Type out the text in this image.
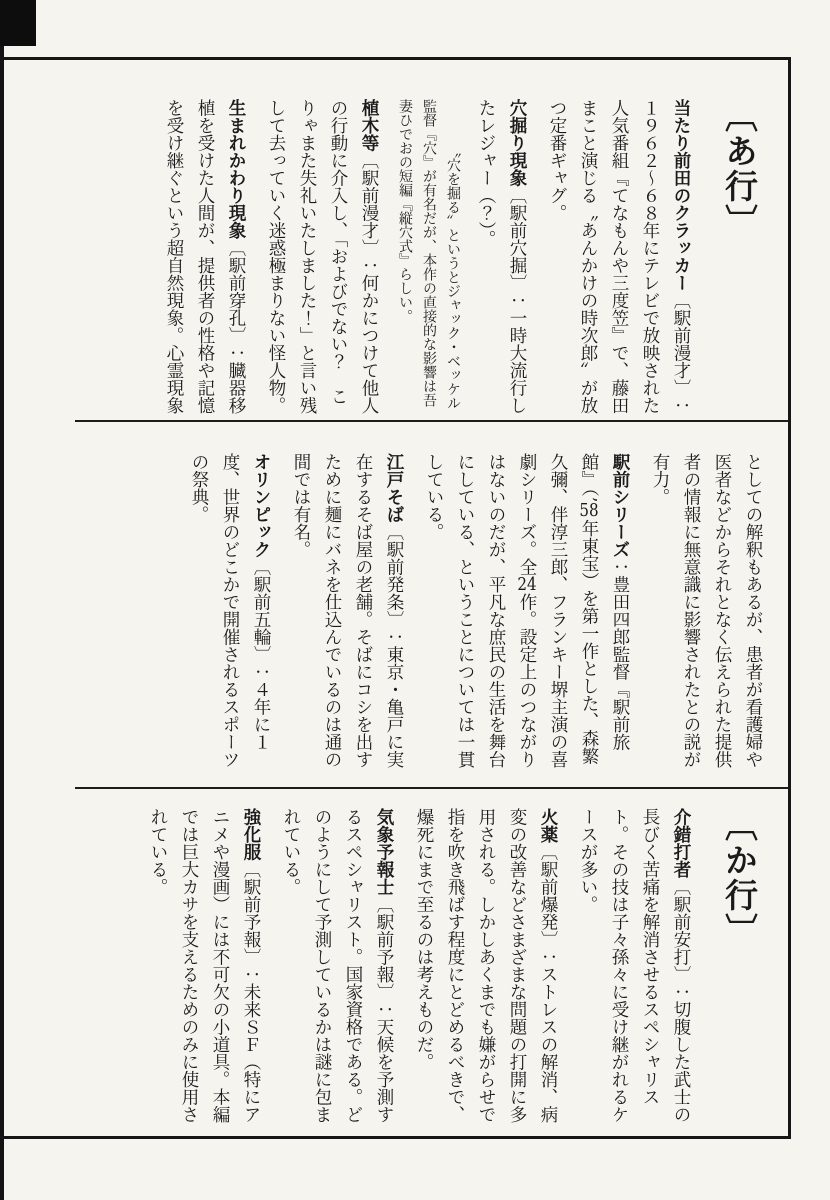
〔あ行〕
当たり前田のクラッカー〔駅前漫才〕：１９６２～６８年にテレビで放映された人気番組『てなもんや三度笠』で、藤田まこと演じる〝あんかけの時次郎〟が放つ定番ギャグ。
穴掘り現象〔駅前穴掘〕：一時大流行したレジャー（？）。
〝穴を掘る〟というとジャック・ベッケル監督『穴』が有名だが、本作の直接的な影響は吾妻ひでおの短編『縦穴式』らしい。
植木等〔駅前漫才〕：何かにつけて他人の行動に介入し、「およびでない？　こりゃまた失礼いたしました！」と言い残して去っていく迷惑極まりない怪人物。
生まれかわり現象〔駅前穿孔〕：臓器移植を受けた人間が、提供者の性格や記憶を受け継ぐという超自然現象。心霊現象
としての解釈もあるが、患者が看護婦や医者などからそれとなく伝えられた提供者の情報に無意識に影響されたとの説が有力。
駅前シリーズ：豊田四郎監督『駅前旅館』（’58年東宝）を第一作とした、森繁久彌、伴淳三郎、フランキー堺主演の喜劇シリーズ。全24作。設定上のつながりはないのだが、平凡な庶民の生活を舞台にしている、ということについては一貫している。
江戸そば〔駅前発条〕：東京・亀戸に実在するそば屋の老舗。そばにコシを出すために麺にバネを仕込んでいるのは通の間では有名。
オリンピック〔駅前五輪〕：４年に１度、世界のどこかで開催されるスポーツの祭典。
〔か行〕
介錯打者〔駅前安打〕：切腹した武士の長びく苦痛を解消させるスペシャリスト。その技は子々孫々に受け継がれるケースが多い。
火薬〔駅前爆発〕：ストレスの解消、病変の改善などさまざまな問題の打開に多用される。しかしあくまでも嫌がらせで指を吹き飛ばす程度にとどめるべきで、爆死にまで至るのは考えものだ。
気象予報士〔駅前予報〕：天候を予測するスペシャリスト。国家資格である。どのようにして予測しているかは謎に包まれている。
強化服〔駅前予報〕：未来ＳＦ（特にアニメや漫画）には不可欠の小道具。本編では巨大カサを支えるためのみに使用されている。
